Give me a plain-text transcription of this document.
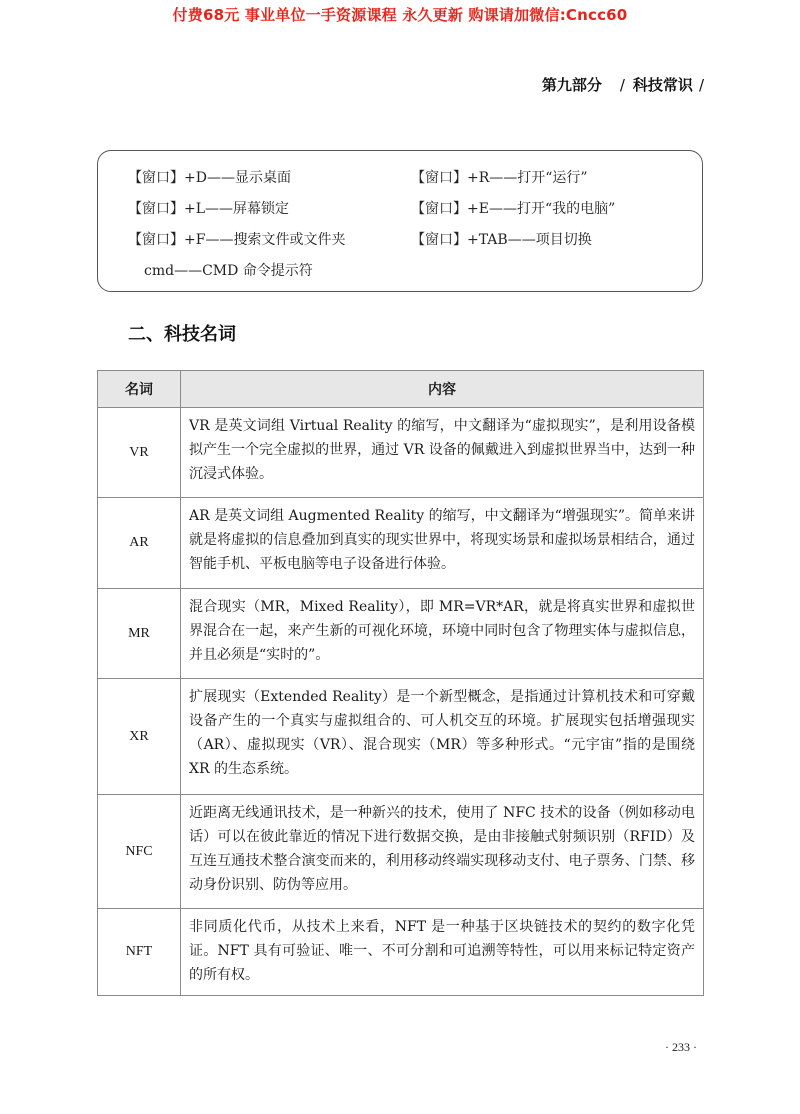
付费68元 事业单位一手资源课程 永久更新 购课请加微信:Cncc60
第九部分 / 科技常识 /
【窗口】+D——显示桌面	【窗口】+R——打开“运行”
【窗口】+L——屏幕锁定	【窗口】+E——打开“我的电脑”
【窗口】+F——搜索文件或文件夹	【窗口】+TAB——项目切换
cmd——CMD 命令提示符
二、科技名词
名词	内容
VR	VR 是英文词组 Virtual Reality 的缩写，中文翻译为“虚拟现实”，是利用设备模拟产生一个完全虚拟的世界，通过 VR 设备的佩戴进入到虚拟世界当中，达到一种沉浸式体验。
AR	AR 是英文词组 Augmented Reality 的缩写，中文翻译为“增强现实”。简单来讲就是将虚拟的信息叠加到真实的现实世界中，将现实场景和虚拟场景相结合，通过智能手机、平板电脑等电子设备进行体验。
MR	混合现实（MR，Mixed Reality），即 MR=VR*AR，就是将真实世界和虚拟世界混合在一起，来产生新的可视化环境，环境中同时包含了物理实体与虚拟信息，并且必须是“实时的”。
XR	扩展现实（Extended Reality）是一个新型概念，是指通过计算机技术和可穿戴设备产生的一个真实与虚拟组合的、可人机交互的环境。扩展现实包括增强现实（AR）、虚拟现实（VR）、混合现实（MR）等多种形式。“元宇宙”指的是围绕 XR 的生态系统。
NFC	近距离无线通讯技术，是一种新兴的技术，使用了 NFC 技术的设备（例如移动电话）可以在彼此靠近的情况下进行数据交换，是由非接触式射频识别（RFID）及互连互通技术整合演变而来的，利用移动终端实现移动支付、电子票务、门禁、移动身份识别、防伪等应用。
NFT	非同质化代币，从技术上来看，NFT 是一种基于区块链技术的契约的数字化凭证。NFT 具有可验证、唯一、不可分割和可追溯等特性，可以用来标记特定资产的所有权。
· 233 ·
